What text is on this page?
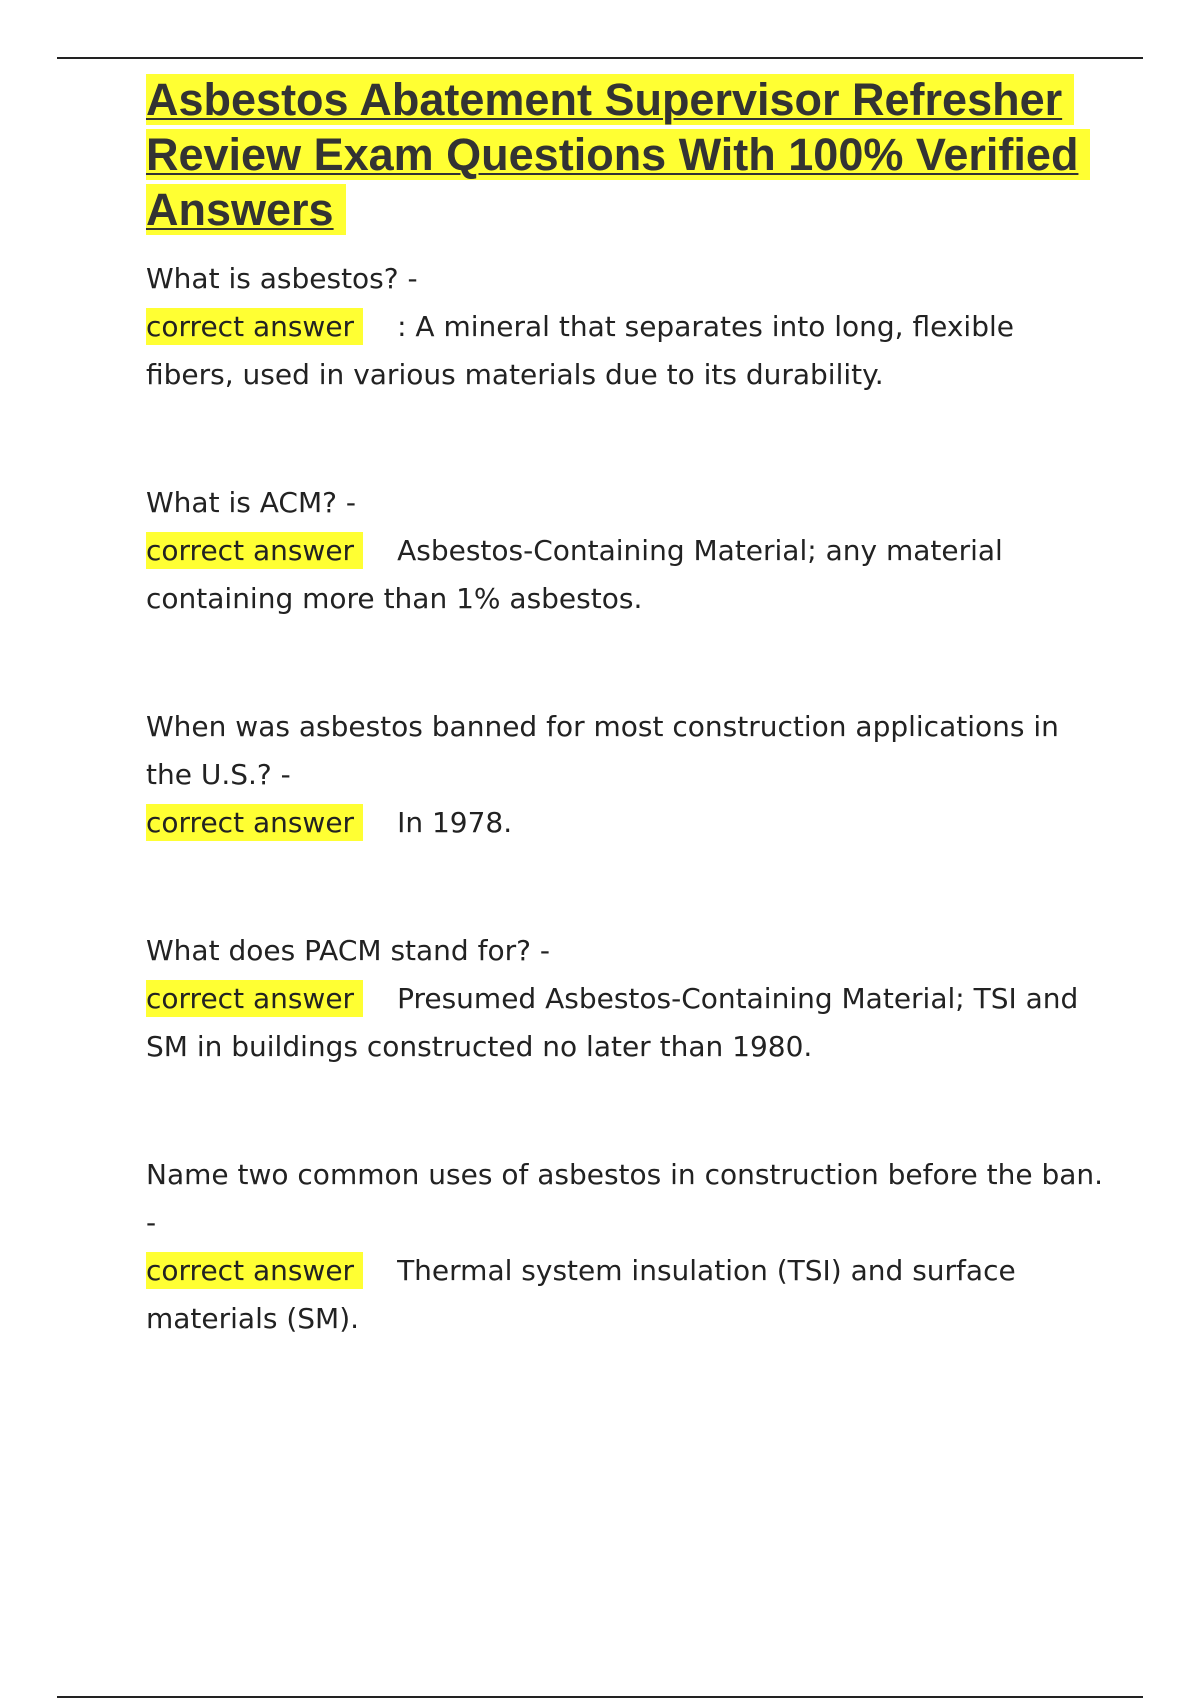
Asbestos Abatement Supervisor Refresher Review Exam Questions With 100% Verified Answers

What is asbestos? -

correct answer : A mineral that separates into long, flexible fibers, used in various materials due to its durability.

What is ACM? -

correct answer Asbestos-Containing Material; any material containing more than 1% asbestos.

When was asbestos banned for most construction applications in the U.S.? -

correct answer In 1978.

What does PACM stand for? -

correct answer Presumed Asbestos-Containing Material; TSI and SM in buildings constructed no later than 1980.

Name two common uses of asbestos in construction before the ban. -

correct answer Thermal system insulation (TSI) and surface materials (SM).
